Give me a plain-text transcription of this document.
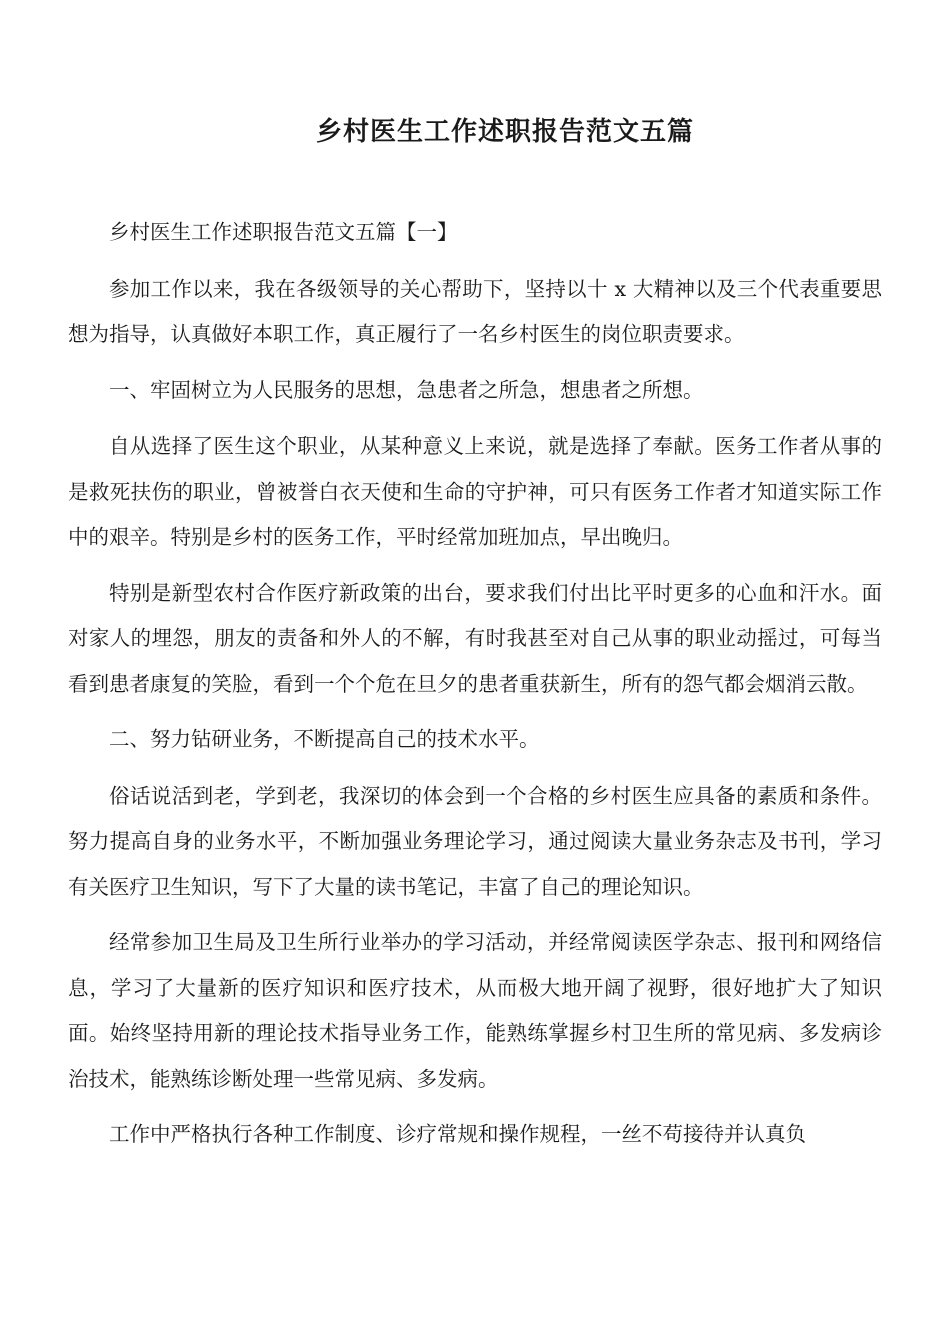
乡村医生工作述职报告范文五篇

乡村医生工作述职报告范文五篇【一】

参加工作以来，我在各级领导的关心帮助下，坚持以十 x 大精神以及三个代表重要思想为指导，认真做好本职工作，真正履行了一名乡村医生的岗位职责要求。

一、牢固树立为人民服务的思想，急患者之所急，想患者之所想。

自从选择了医生这个职业，从某种意义上来说，就是选择了奉献。医务工作者从事的是救死扶伤的职业，曾被誉白衣天使和生命的守护神，可只有医务工作者才知道实际工作中的艰辛。特别是乡村的医务工作，平时经常加班加点，早出晚归。

特别是新型农村合作医疗新政策的出台，要求我们付出比平时更多的心血和汗水。面对家人的埋怨，朋友的责备和外人的不解，有时我甚至对自己从事的职业动摇过，可每当看到患者康复的笑脸，看到一个个危在旦夕的患者重获新生，所有的怨气都会烟消云散。

二、努力钻研业务，不断提高自己的技术水平。

俗话说活到老，学到老，我深切的体会到一个合格的乡村医生应具备的素质和条件。努力提高自身的业务水平，不断加强业务理论学习，通过阅读大量业务杂志及书刊，学习有关医疗卫生知识，写下了大量的读书笔记，丰富了自己的理论知识。

经常参加卫生局及卫生所行业举办的学习活动，并经常阅读医学杂志、报刊和网络信息，学习了大量新的医疗知识和医疗技术，从而极大地开阔了视野，很好地扩大了知识面。始终坚持用新的理论技术指导业务工作，能熟练掌握乡村卫生所的常见病、多发病诊治技术，能熟练诊断处理一些常见病、多发病。

工作中严格执行各种工作制度、诊疗常规和操作规程，一丝不苟接待并认真负
